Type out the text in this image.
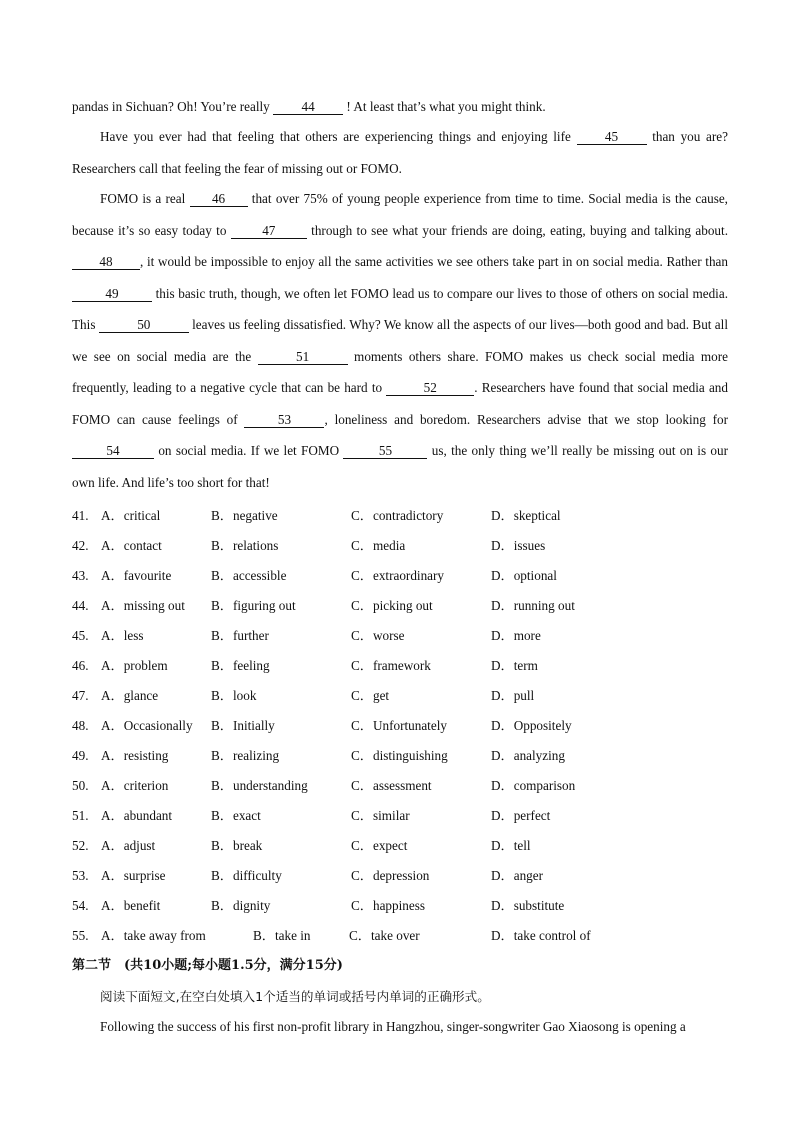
pandas in Sichuan? Oh! You’re really 44 ! At least that’s what you might think.
Have you ever had that feeling that others are experiencing things and enjoying life 45 than you are? Researchers call that feeling the fear of missing out or FOMO.
FOMO is a real 46 that over 75% of young people experience from time to time. Social media is the cause, because it’s so easy today to 47 through to see what your friends are doing, eating, buying and talking about. 48 , it would be impossible to enjoy all the same activities we see others take part in on social media. Rather than 49	this basic truth, though, we often let FOMO lead us to compare our lives to those of others on social media. This	50	leaves us feeling dissatisfied. Why? We know all the aspects of our lives—both good and bad. But all we see on social media are the	51	moments others share. FOMO makes us check social media more frequently, leading to a negative cycle that can be hard to	52	. Researchers have found that social media and FOMO can cause feelings of	53	, loneliness and boredom. Researchers advise that we stop looking for 54	on social media. If we let FOMO	55	us, the only thing we’ll really be missing out on is our own life. And life’s too short for that!
41. A．critical	B．negative	C．contradictory	D．skeptical
42. A．contact	B．relations	C．media	D．issues
43. A．favourite	B．accessible	C．extraordinary	D．optional
44. A．missing out B．figuring out	C．picking out	D．running out
45. A．less	B．further	C．worse	D．more
46. A．problem	B．feeling	C．framework	D．term
47. A．glance	B．look	C．get	D．pull
48. A．Occasionally B．Initially	C．Unfortunately	D．Oppositely
49. A．resisting	B．realizing	C．distinguishing	D．analyzing
50. A．criterion	B．understanding	C．assessment	D．comparison
51. A．abundant	B．exact	C．similar	D．perfect
52. A．adjust	B．break	C．expect	D．tell
53. A．surprise	B．difficulty	C．depression	D．anger
54. A．benefit	B．dignity	C．happiness	D．substitute
55. A．take away from	B．take in	C．take over	D．take control of
第二节　(共10小题;每小题1.5分，满分15分)
阅读下面短文,在空白处填入1个适当的单词或括号内单词的正确形式。
Following the success of his first non-profit library in Hangzhou, singer-songwriter Gao Xiaosong is opening a
